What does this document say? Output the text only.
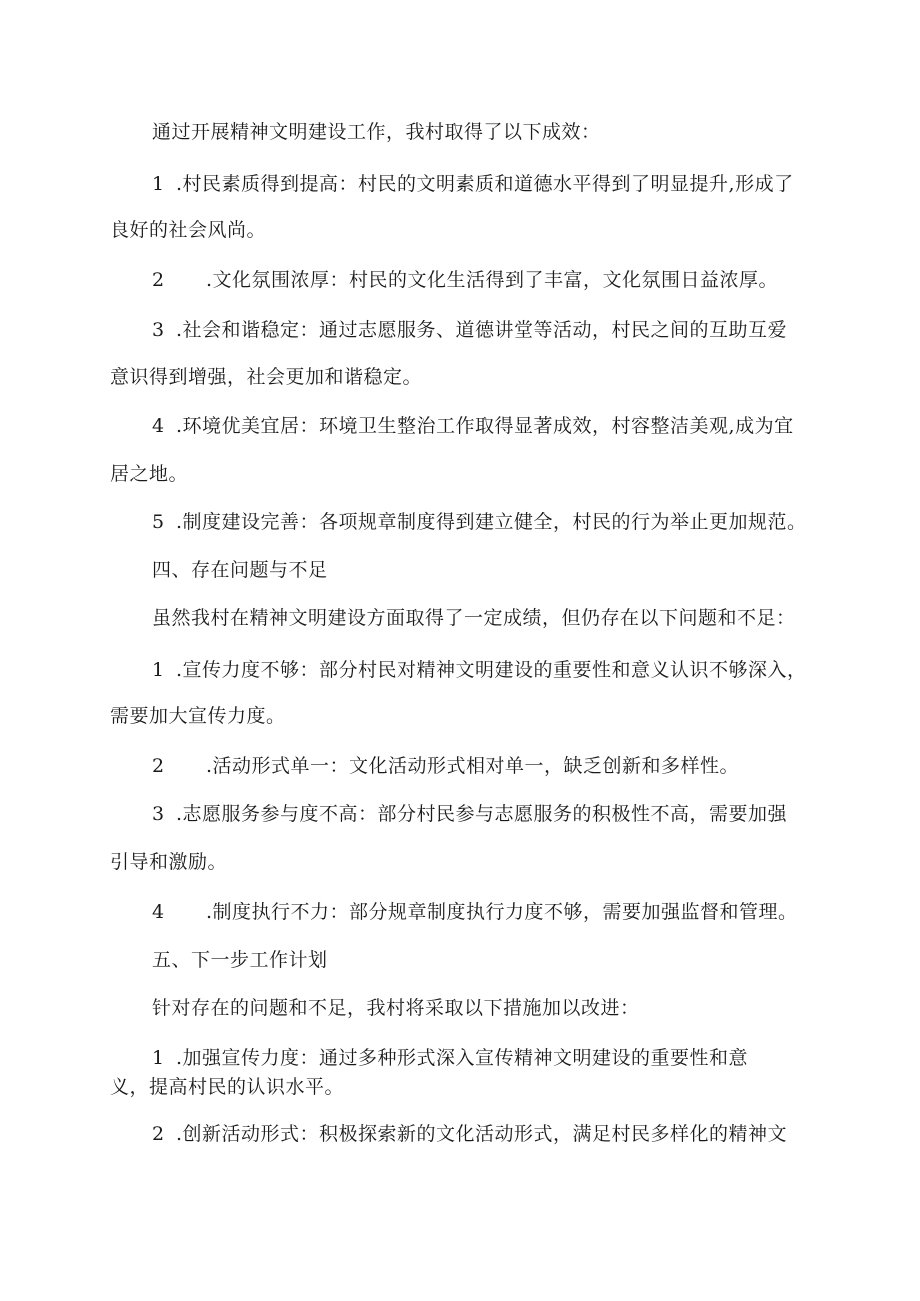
通过开展精神文明建设工作，我村取得了以下成效：
1 .村民素质得到提高：村民的文明素质和道德水平得到了明显提升,形成了
良好的社会风尚。
2 .文化氛围浓厚：村民的文化生活得到了丰富，文化氛围日益浓厚。
3 .社会和谐稳定：通过志愿服务、道德讲堂等活动，村民之间的互助互爱
意识得到增强，社会更加和谐稳定。
4 .环境优美宜居：环境卫生整治工作取得显著成效，村容整洁美观,成为宜
居之地。
5 .制度建设完善：各项规章制度得到建立健全，村民的行为举止更加规范。
四、存在问题与不足
虽然我村在精神文明建设方面取得了一定成绩，但仍存在以下问题和不足：
1 .宣传力度不够：部分村民对精神文明建设的重要性和意义认识不够深入，
需要加大宣传力度。
2 .活动形式单一：文化活动形式相对单一，缺乏创新和多样性。
3 .志愿服务参与度不高：部分村民参与志愿服务的积极性不高，需要加强
引导和激励。
4 .制度执行不力：部分规章制度执行力度不够，需要加强监督和管理。
五、下一步工作计划
针对存在的问题和不足，我村将采取以下措施加以改进：
1 .加强宣传力度：通过多种形式深入宣传精神文明建设的重要性和意
义，提高村民的认识水平。
2 .创新活动形式：积极探索新的文化活动形式，满足村民多样化的精神文
